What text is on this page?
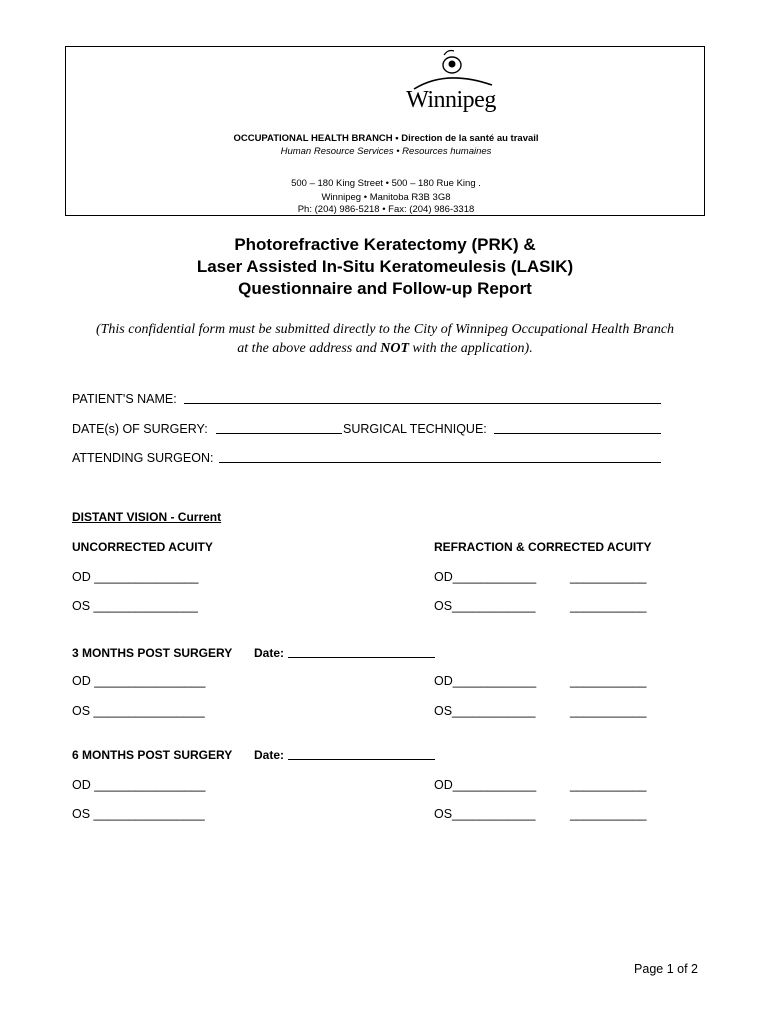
Winnipeg
OCCUPATIONAL HEALTH BRANCH • Direction de la santé au travail
Human Resource Services • Resources humaines
500 – 180 King Street • 500 – 180 Rue King .
Winnipeg • Manitoba R3B 3G8
Ph: (204) 986-5218 • Fax: (204) 986-3318
Photorefractive Keratectomy (PRK) &
Laser Assisted In-Situ Keratomeulesis (LASIK)
Questionnaire and Follow-up Report
(This confidential form must be submitted directly to the City of Winnipeg Occupational Health Branch
at the above address and NOT with the application).
PATIENT'S NAME:
DATE(s) OF SURGERY:	SURGICAL TECHNIQUE:
ATTENDING SURGEON:
DISTANT VISION - Current
UNCORRECTED ACUITY	REFRACTION & CORRECTED ACUITY
OD _______________	OD____________	___________
OS _______________	OS____________	___________
3 MONTHS POST SURGERY Date:
OD ________________	OD____________	___________
OS ________________	OS____________	___________
6 MONTHS POST SURGERY Date:
OD ________________	OD____________	___________
OS ________________	OS____________	___________
Page 1 of 2
